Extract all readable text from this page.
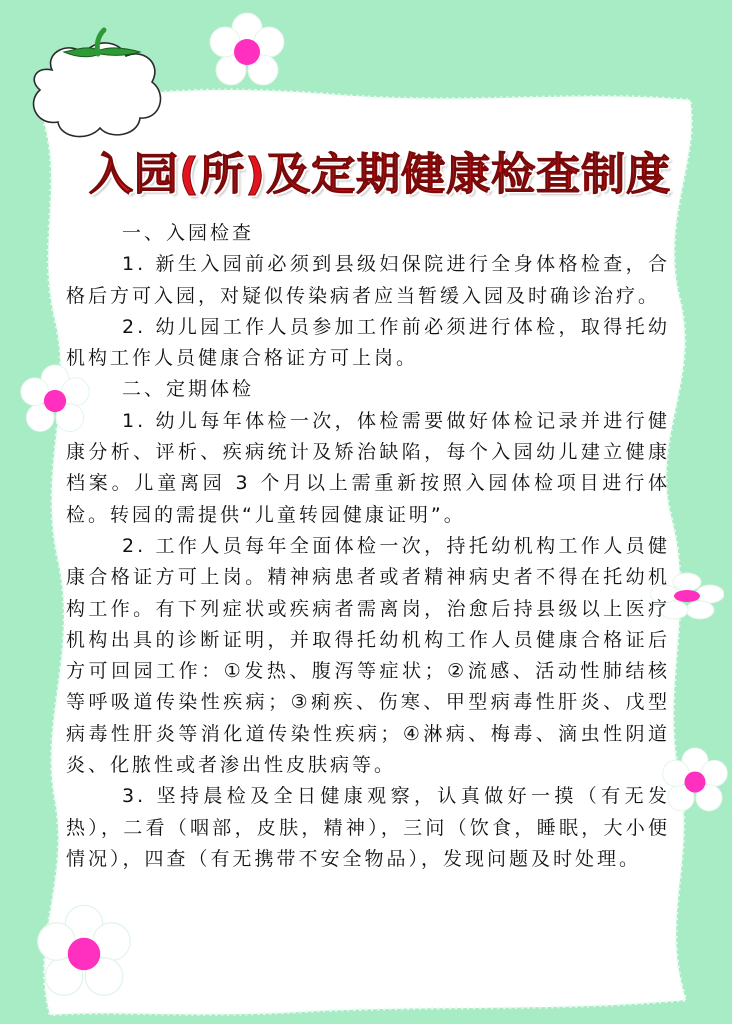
入园(所)及定期健康检查制度

一、入园检查

1. 新生入园前必须到县级妇保院进行全身体格检查，合格后方可入园，对疑似传染病者应当暂缓入园及时确诊治疗。

2. 幼儿园工作人员参加工作前必须进行体检，取得托幼机构工作人员健康合格证方可上岗。

二、定期体检

1. 幼儿每年体检一次，体检需要做好体检记录并进行健康分析、评析、疾病统计及矫治缺陷，每个入园幼儿建立健康档案。儿童离园 3 个月以上需重新按照入园体检项目进行体检。转园的需提供“儿童转园健康证明”。

2. 工作人员每年全面体检一次，持托幼机构工作人员健康合格证方可上岗。精神病患者或者精神病史者不得在托幼机构工作。有下列症状或疾病者需离岗，治愈后持县级以上医疗机构出具的诊断证明，并取得托幼机构工作人员健康合格证后方可回园工作：①发热、腹泻等症状；②流感、活动性肺结核等呼吸道传染性疾病；③痢疾、伤寒、甲型病毒性肝炎、戊型病毒性肝炎等消化道传染性疾病；④淋病、梅毒、滴虫性阴道炎、化脓性或者渗出性皮肤病等。

3. 坚持晨检及全日健康观察，认真做好一摸（有无发热），二看（咽部，皮肤，精神），三问（饮食，睡眠，大小便情况），四查（有无携带不安全物品），发现问题及时处理。
